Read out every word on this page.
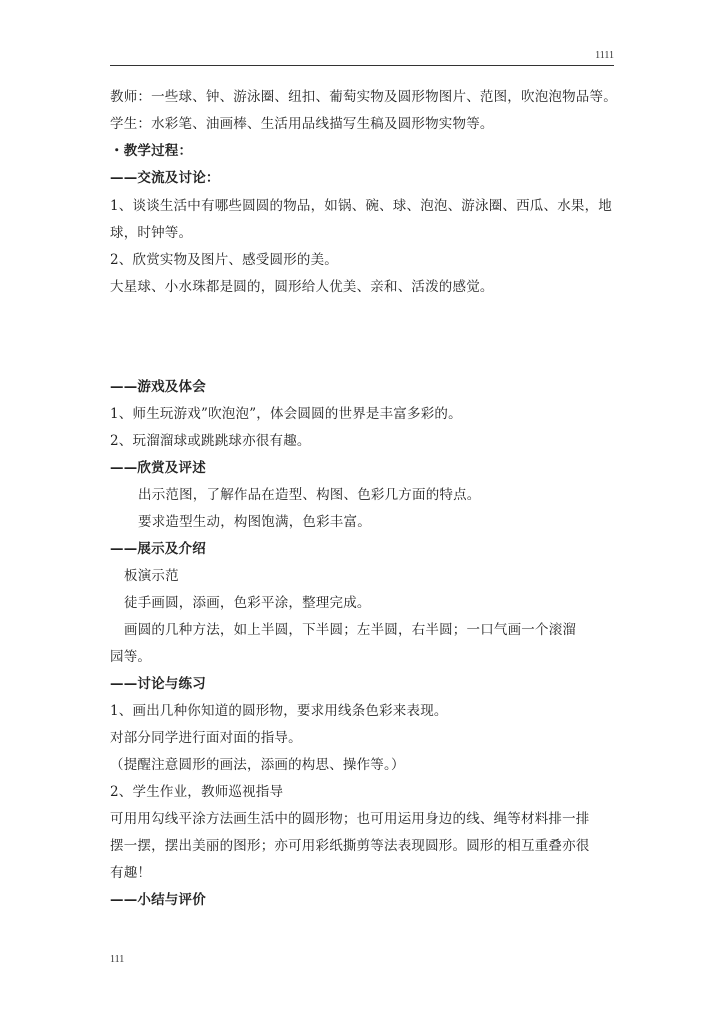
1111
教师：一些球、钟、游泳圈、纽扣、葡萄实物及圆形物图片、范图，吹泡泡物品等。
学生：水彩笔、油画棒、生活用品线描写生稿及圆形物实物等。
・教学过程：
——交流及讨论：
1、谈谈生活中有哪些圆圆的物品，如锅、碗、球、泡泡、游泳圈、西瓜、水果，地
球，时钟等。
2、欣赏实物及图片、感受圆形的美。
大星球、小水珠都是圆的，圆形给人优美、亲和、活泼的感觉。
——游戏及体会
1、师生玩游戏”吹泡泡”，体会圆圆的世界是丰富多彩的。
2、玩溜溜球或跳跳球亦很有趣。
——欣赏及评述
出示范图，了解作品在造型、构图、色彩几方面的特点。
要求造型生动，构图饱满，色彩丰富。
——展示及介绍
板演示范
徒手画圆，添画，色彩平涂，整理完成。
画圆的几种方法，如上半圆，下半圆；左半圆，右半圆；一口气画一个滚溜
园等。
——讨论与练习
1、画出几种你知道的圆形物，要求用线条色彩来表现。
对部分同学进行面对面的指导。
（提醒注意圆形的画法，添画的构思、操作等。）
2、学生作业，教师巡视指导
可用用勾线平涂方法画生活中的圆形物；也可用运用身边的线、绳等材料排一排
摆一摆，摆出美丽的图形；亦可用彩纸撕剪等法表现圆形。圆形的相互重叠亦很
有趣！
——小结与评价
111
